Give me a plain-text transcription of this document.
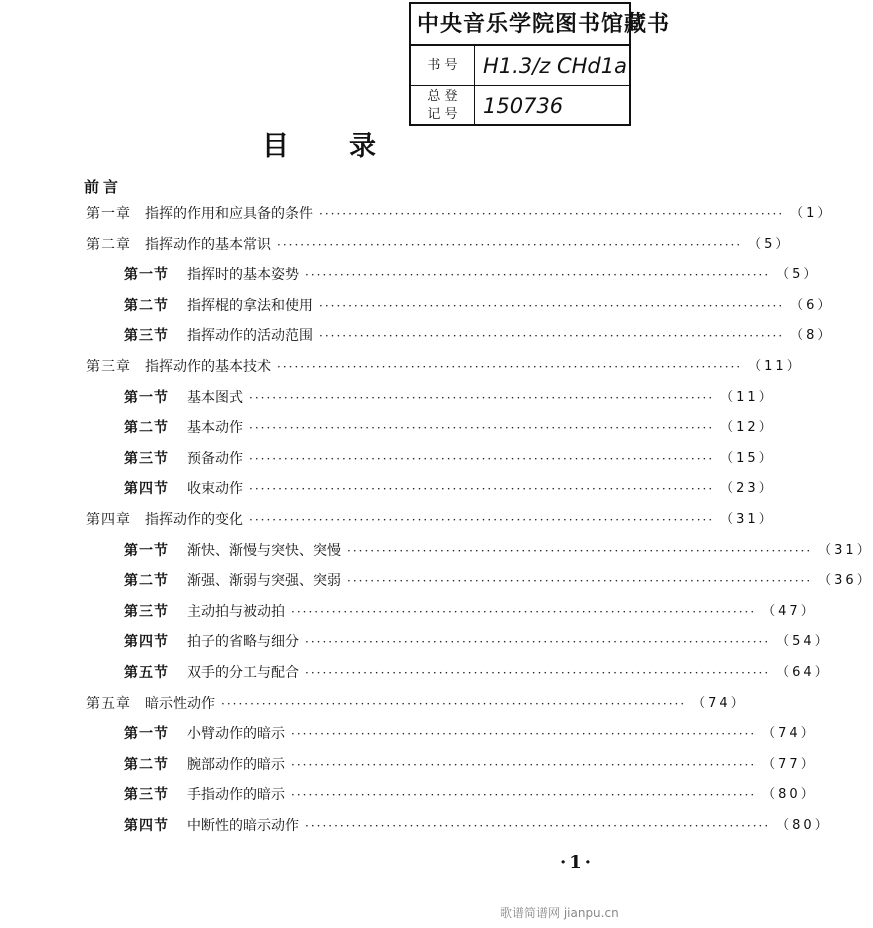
中央音乐学院图书馆藏书
书 号	H1.3/z CHd1a
总 登
记 号	150736
目录
前言
第一章 指挥的作用和应具备的条件 ················································································ （1）
第二章 指挥动作的基本常识 ················································································ （5）
第一节 指挥时的基本姿势 ················································································ （5）
第二节 指挥棍的拿法和使用 ················································································ （6）
第三节 指挥动作的活动范围 ················································································ （8）
第三章 指挥动作的基本技术 ················································································ （11）
第一节 基本图式 ················································································ （11）
第二节 基本动作 ················································································ （12）
第三节 预备动作 ················································································ （15）
第四节 收束动作 ················································································ （23）
第四章 指挥动作的变化 ················································································ （31）
第一节 渐快、渐慢与突快、突慢 ················································································ （31）
第二节 渐强、渐弱与突强、突弱 ················································································ （36）
第三节 主动拍与被动拍 ················································································ （47）
第四节 拍子的省略与细分 ················································································ （54）
第五节 双手的分工与配合 ················································································ （64）
第五章 暗示性动作 ················································································ （74）
第一节 小臂动作的暗示 ················································································ （74）
第二节 腕部动作的暗示 ················································································ （77）
第三节 手指动作的暗示 ················································································ （80）
第四节 中断性的暗示动作 ················································································ （80）
·1·
歌谱简谱网 jianpu.cn
